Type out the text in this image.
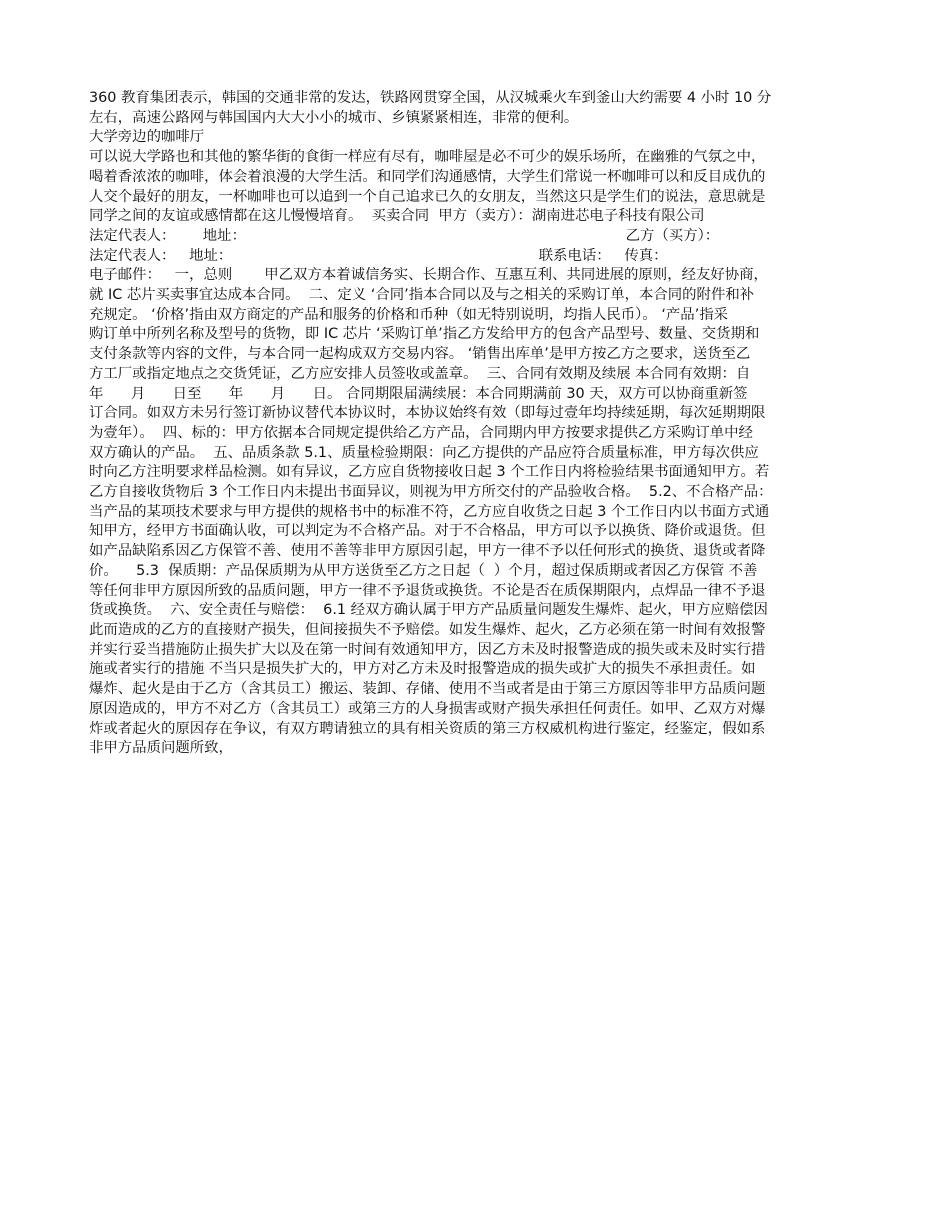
360 教育集团表示，韩国的交通非常的发达，铁路网贯穿全国，从汉城乘火车到釜山大约需要 4 小时 10 分
左右，高速公路网与韩国国内大大小小的城市、乡镇紧紧相连，非常的便利。
大学旁边的咖啡厅
可以说大学路也和其他的繁华街的食街一样应有尽有，咖啡屋是必不可少的娱乐场所，在幽雅的气氛之中，
喝着香浓浓的咖啡，体会着浪漫的大学生活。和同学们沟通感情，大学生们常说一杯咖啡可以和反目成仇的
人交个最好的朋友，一杯咖啡也可以追到一个自己追求已久的女朋友，当然这只是学生们的说法，意思就是
同学之间的友谊或感情都在这儿慢慢培育。  买卖合同  甲方（卖方）：湖南进芯电子科技有限公司
法定代表人：      地址：                                                                                   乙方（买方）：
法定代表人：   地址：                                                                   联系电话：   传真：
电子邮件：   一，总则       甲乙双方本着诚信务实、长期合作、互惠互利、共同进展的原则，经友好协商，
就 IC 芯片买卖事宜达成本合同。  二、定义 ‘合同’指本合同以及与之相关的采购订单，本合同的附件和补
充规定。 ‘价格’指由双方商定的产品和服务的价格和币种（如无特别说明，均指人民币）。 ‘产品’指采
购订单中所列名称及型号的货物，即 IC 芯片 ‘采购订单’指乙方发给甲方的包含产品型号、数量、交货期和
支付条款等内容的文件，与本合同一起构成双方交易内容。 ‘销售出库单’是甲方按乙方之要求，送货至乙
方工厂或指定地点之交货凭证，乙方应安排人员签收或盖章。  三、合同有效期及续展 本合同有效期：自
年      月      日至      年      月      日。 合同期限届满续展：本合同期满前 30 天，双方可以协商重新签
订合同。如双方未另行签订新协议替代本协议时，本协议始终有效（即每过壹年均持续延期，每次延期期限
为壹年）。  四、标的：甲方依据本合同规定提供给乙方产品，合同期内甲方按要求提供乙方采购订单中经
双方确认的产品。  五、品质条款 5.1、质量检验期限：向乙方提供的产品应符合质量标准，甲方每次供应
时向乙方注明要求样品检测。如有异议，乙方应自货物接收日起 3 个工作日内将检验结果书面通知甲方。若
乙方自接收货物后 3 个工作日内未提出书面异议，则视为甲方所交付的产品验收合格。  5.2、不合格产品：
当产品的某项技术要求与甲方提供的规格书中的标准不符，乙方应自收货之日起 3 个工作日内以书面方式通
知甲方，经甲方书面确认收，可以判定为不合格产品。对于不合格品，甲方可以予以换货、降价或退货。但
如产品缺陷系因乙方保管不善、使用不善等非甲方原因引起，甲方一律不予以任何形式的换货、退货或者降
价。    5.3  保质期：产品保质期为从甲方送货至乙方之日起（  ）个月，超过保质期或者因乙方保管 不善
等任何非甲方原因所致的品质问题，甲方一律不予退货或换货。不论是否在质保期限内，点焊品一律不予退
货或换货。  六、安全责任与赔偿：  6.1 经双方确认属于甲方产品质量问题发生爆炸、起火，甲方应赔偿因
此而造成的乙方的直接财产损失，但间接损失不予赔偿。如发生爆炸、起火，乙方必须在第一时间有效报警
并实行妥当措施防止损失扩大以及在第一时间有效通知甲方，因乙方未及时报警造成的损失或未及时实行措
施或者实行的措施 不当只是损失扩大的，甲方对乙方未及时报警造成的损失或扩大的损失不承担责任。如
爆炸、起火是由于乙方（含其员工）搬运、装卸、存储、使用不当或者是由于第三方原因等非甲方品质问题
原因造成的，甲方不对乙方（含其员工）或第三方的人身损害或财产损失承担任何责任。如甲、乙双方对爆
炸或者起火的原因存在争议，有双方聘请独立的具有相关资质的第三方权威机构进行鉴定，经鉴定，假如系
非甲方品质问题所致，
